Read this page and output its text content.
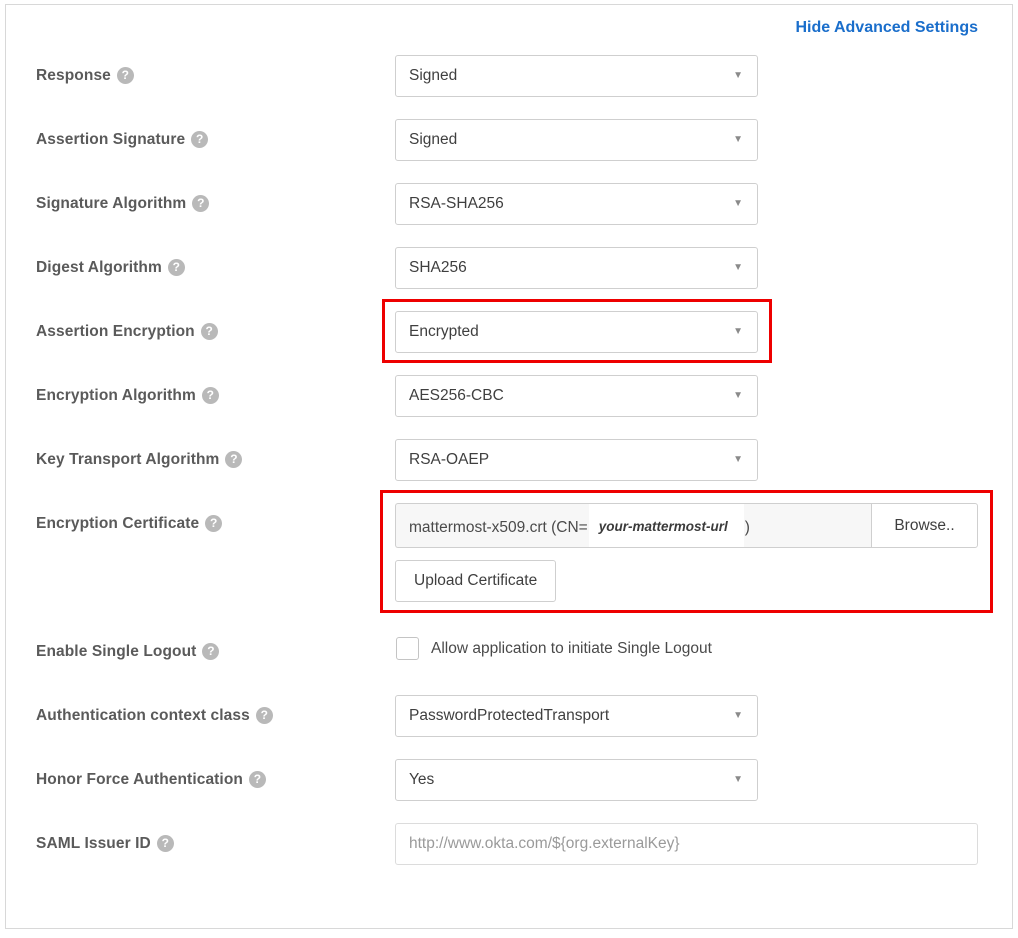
Hide Advanced Settings
Response ?	Signed	▼
Assertion Signature ?	Signed	▼
Signature Algorithm ?	RSA-SHA256	▼
Digest Algorithm ?	SHA256	▼
Assertion Encryption ?	Encrypted	▼
Encryption Algorithm ?	AES256-CBC	▼
Key Transport Algorithm ?	RSA-OAEP	▼
Encryption Certificate ?	mattermost-x509.crt (CN= your-mattermost-url )	Browse..
Upload Certificate
Enable Single Logout ?	Allow application to initiate Single Logout
Authentication context class ?	PasswordProtectedTransport	▼
Honor Force Authentication ?	Yes	▼
SAML Issuer ID ?	http://www.okta.com/${org.externalKey}
